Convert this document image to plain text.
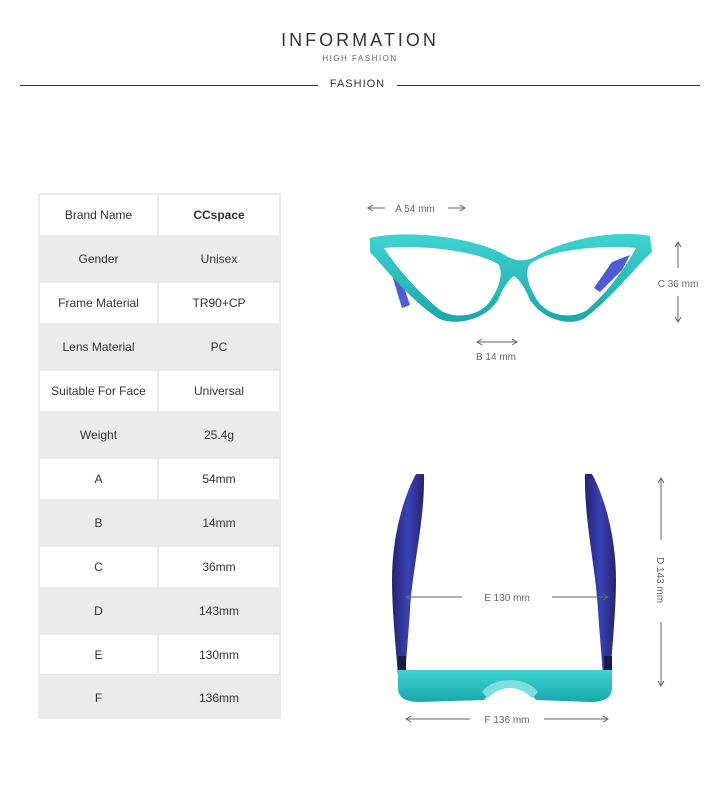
INFORMATION
HIGH FASHION
FASHION
Brand Name	CCspace
Gender	Unisex
Frame Material	TR90+CP
Lens Material	PC
Suitable For Face	Universal
Weight	25.4g
A	54mm
B	14mm
C	36mm
D	143mm
E	130mm
F	136mm
A 54 mm
B 14 mm
C 36 mm
D 143 mm
E 130 mm
F 136 mm
